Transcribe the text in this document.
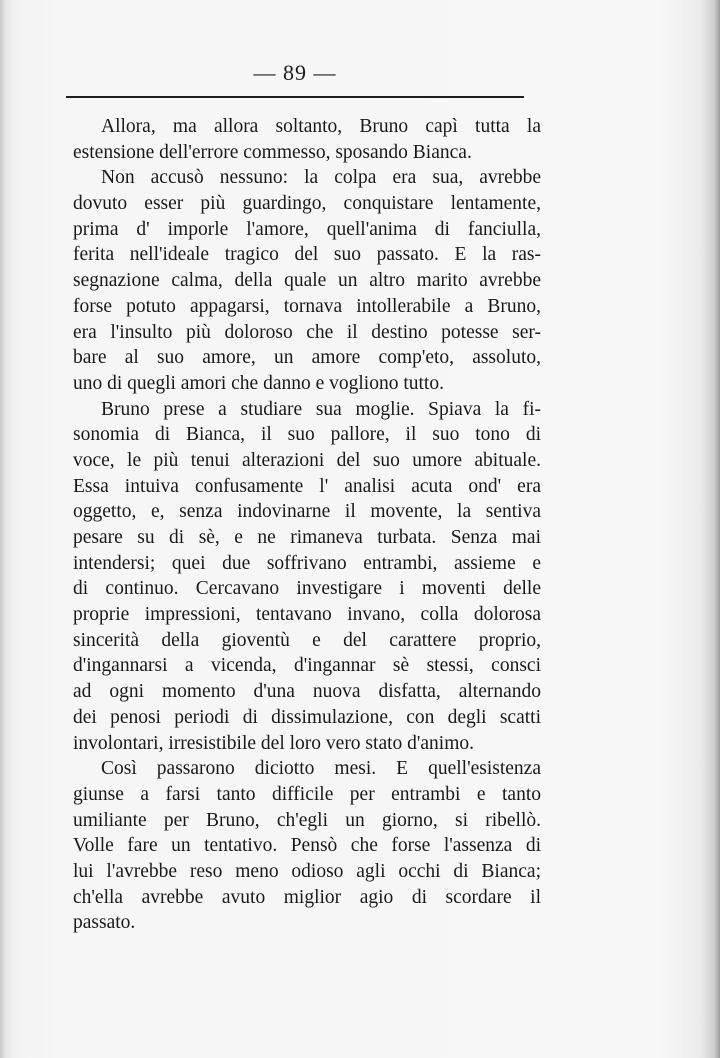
— 89 —
Allora, ma allora soltanto, Bruno capì tutta la
estensione dell'errore commesso, sposando Bianca.
Non accusò nessuno: la colpa era sua, avrebbe
dovuto esser più guardingo, conquistare lentamente,
prima d' imporle l'amore, quell'anima di fanciulla,
ferita nell'ideale tragico del suo passato. E la ras-
segnazione calma, della quale un altro marito avrebbe
forse potuto appagarsi, tornava intollerabile a Bruno,
era l'insulto più doloroso che il destino potesse ser-
bare al suo amore, un amore comp'eto, assoluto,
uno di quegli amori che danno e vogliono tutto.
Bruno prese a studiare sua moglie. Spiava la fi-
sonomia di Bianca, il suo pallore, il suo tono di
voce, le più tenui alterazioni del suo umore abituale.
Essa intuiva confusamente l' analisi acuta ond' era
oggetto, e, senza indovinarne il movente, la sentiva
pesare su di sè, e ne rimaneva turbata. Senza mai
intendersi; quei due soffrivano entrambi, assieme e
di continuo. Cercavano investigare i moventi delle
proprie impressioni, tentavano invano, colla dolorosa
sincerità della gioventù e del carattere proprio,
d'ingannarsi a vicenda, d'ingannar sè stessi, consci
ad ogni momento d'una nuova disfatta, alternando
dei penosi periodi di dissimulazione, con degli scatti
involontari, irresistibile del loro vero stato d'animo.
Così passarono diciotto mesi. E quell'esistenza
giunse a farsi tanto difficile per entrambi e tanto
umiliante per Bruno, ch'egli un giorno, si ribellò.
Volle fare un tentativo. Pensò che forse l'assenza di
lui l'avrebbe reso meno odioso agli occhi di Bianca;
ch'ella avrebbe avuto miglior agio di scordare il
passato.
